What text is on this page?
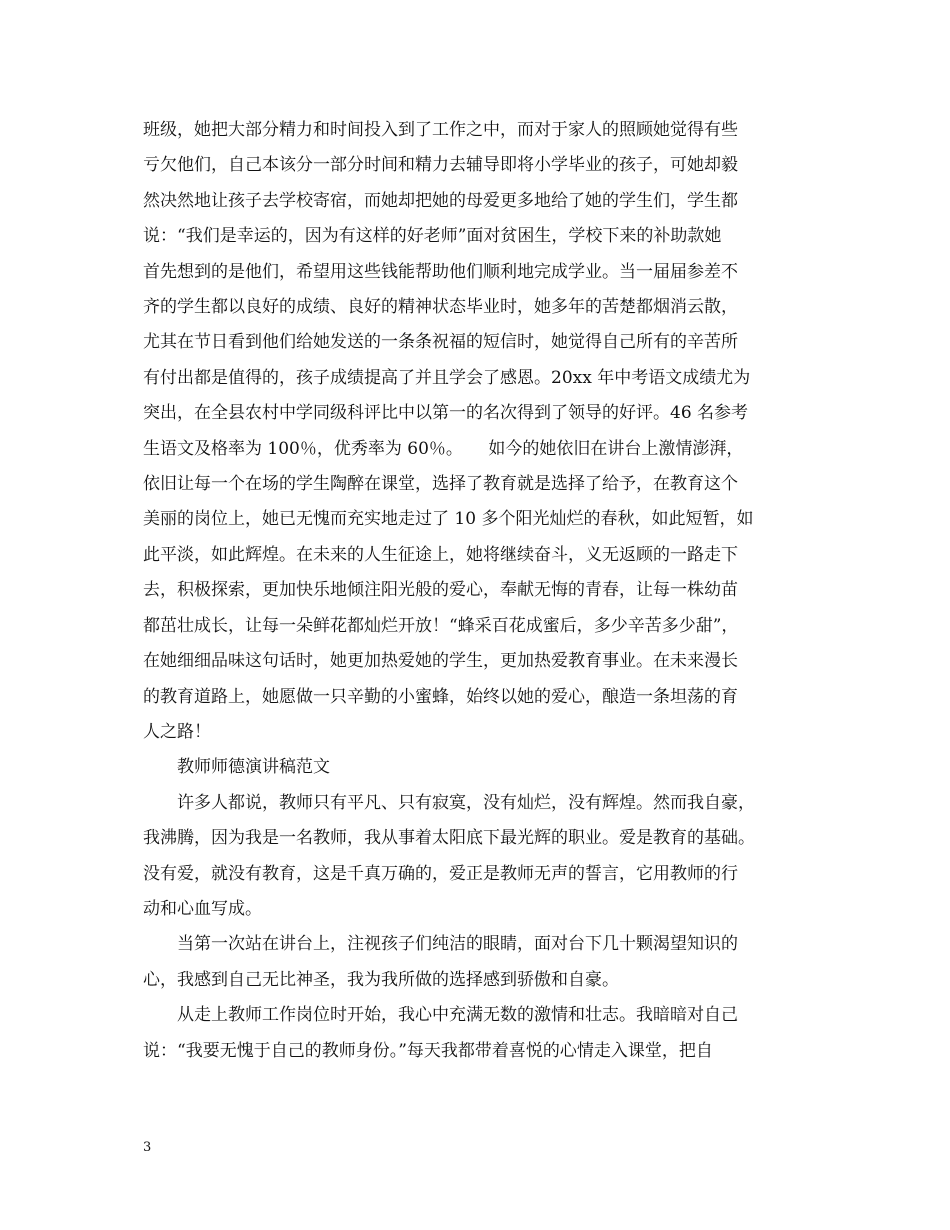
班级，她把大部分精力和时间投入到了工作之中，而对于家人的照顾她觉得有些
亏欠他们，自己本该分一部分时间和精力去辅导即将小学毕业的孩子，可她却毅
然决然地让孩子去学校寄宿，而她却把她的母爱更多地给了她的学生们，学生都
说：“我们是幸运的，因为有这样的好老师”面对贫困生，学校下来的补助款她
首先想到的是他们，希望用这些钱能帮助他们顺利地完成学业。当一届届参差不
齐的学生都以良好的成绩、良好的精神状态毕业时，她多年的苦楚都烟消云散，
尤其在节日看到他们给她发送的一条条祝福的短信时，她觉得自己所有的辛苦所
有付出都是值得的，孩子成绩提高了并且学会了感恩。20xx 年中考语文成绩尤为
突出，在全县农村中学同级科评比中以第一的名次得到了领导的好评。46 名参考
生语文及格率为 100％，优秀率为 60％。　　如今的她依旧在讲台上激情澎湃，
依旧让每一个在场的学生陶醉在课堂，选择了教育就是选择了给予，在教育这个
美丽的岗位上，她已无愧而充实地走过了 10 多个阳光灿烂的春秋，如此短暂，如
此平淡，如此辉煌。在未来的人生征途上，她将继续奋斗，义无返顾的一路走下
去，积极探索，更加快乐地倾注阳光般的爱心，奉献无悔的青春，让每一株幼苗
都茁壮成长，让每一朵鲜花都灿烂开放！“蜂采百花成蜜后，多少辛苦多少甜”，
在她细细品味这句话时，她更加热爱她的学生，更加热爱教育事业。在未来漫长
的教育道路上，她愿做一只辛勤的小蜜蜂，始终以她的爱心，酿造一条坦荡的育
人之路！
教师师德演讲稿范文
许多人都说，教师只有平凡、只有寂寞，没有灿烂，没有辉煌。然而我自豪，
我沸腾，因为我是一名教师，我从事着太阳底下最光辉的职业。爱是教育的基础。
没有爱，就没有教育，这是千真万确的，爱正是教师无声的誓言，它用教师的行
动和心血写成。
当第一次站在讲台上，注视孩子们纯洁的眼睛，面对台下几十颗渴望知识的
心，我感到自己无比神圣，我为我所做的选择感到骄傲和自豪。
从走上教师工作岗位时开始，我心中充满无数的激情和壮志。我暗暗对自己
说：“我要无愧于自己的教师身份。”每天我都带着喜悦的心情走入课堂，把自
3
